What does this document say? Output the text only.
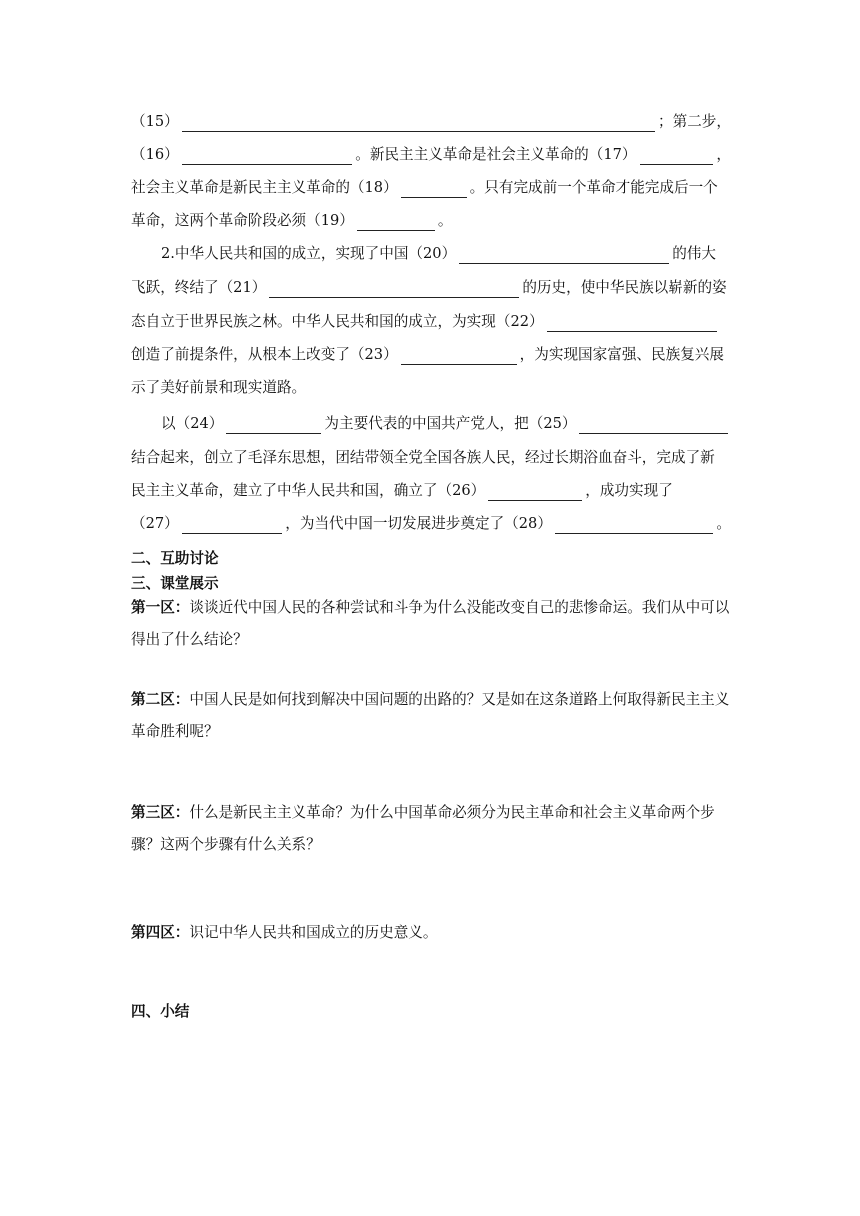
（15）	；第二步，
（16）	。新民主主义革命是社会主义革命的（17）	，
社会主义革命是新民主主义革命的（18）	。只有完成前一个革命才能完成后一个
革命，这两个革命阶段必须（19）	。
2.中华人民共和国的成立，实现了中国（20）	的伟大
飞跃，终结了（21）	的历史，使中华民族以崭新的姿
态自立于世界民族之林。中华人民共和国的成立，为实现（22）
创造了前提条件，从根本上改变了（23）	，为实现国家富强、民族复兴展
示了美好前景和现实道路。
以（24）	为主要代表的中国共产党人，把（25）
结合起来，创立了毛泽东思想，团结带领全党全国各族人民，经过长期浴血奋斗，完成了新
民主主义革命，建立了中华人民共和国，确立了（26）	，成功实现了
（27）	，为当代中国一切发展进步奠定了（28）	。
二、互助讨论
三、课堂展示
第一区：谈谈近代中国人民的各种尝试和斗争为什么没能改变自己的悲惨命运。我们从中可以得出了什么结论？
第二区：中国人民是如何找到解决中国问题的出路的？又是如在这条道路上何取得新民主主义革命胜利呢？
第三区：什么是新民主主义革命？为什么中国革命必须分为民主革命和社会主义革命两个步骤？这两个步骤有什么关系？
第四区：识记中华人民共和国成立的历史意义。
四、小结
